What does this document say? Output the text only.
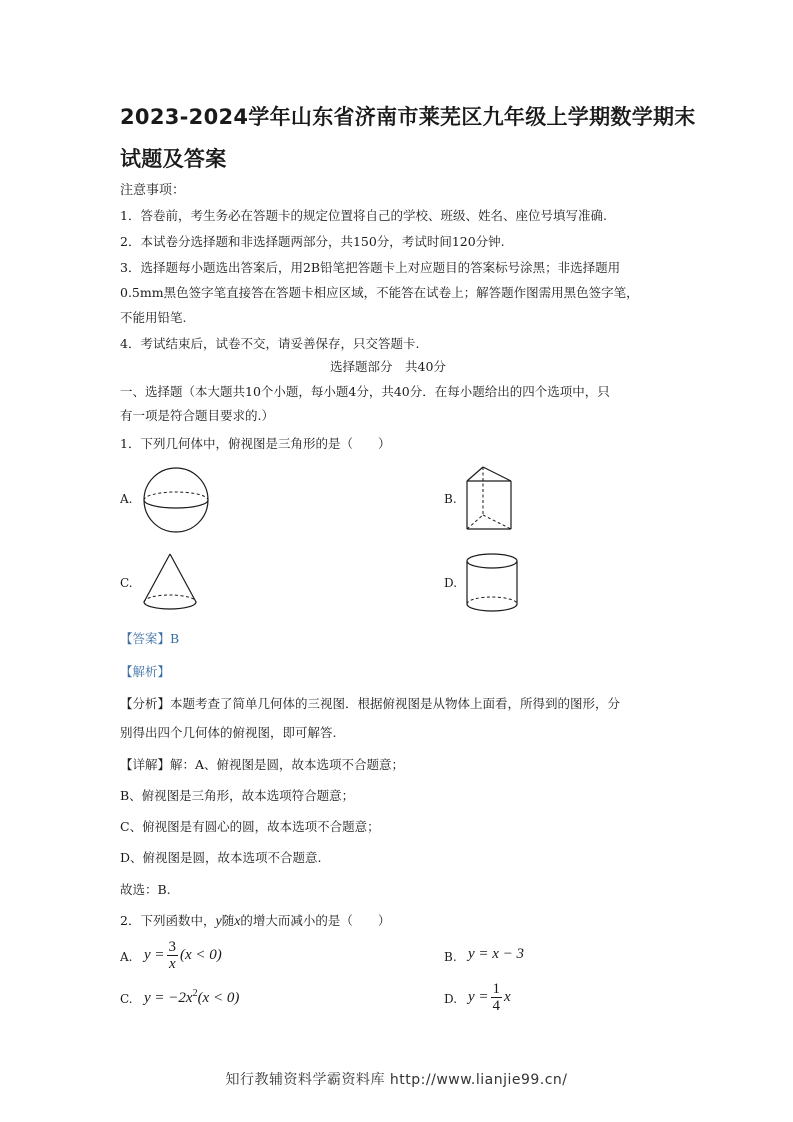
2023-2024学年山东省济南市莱芜区九年级上学期数学期末
试题及答案
注意事项：
1．答卷前，考生务必在答题卡的规定位置将自己的学校、班级、姓名、座位号填写准确.
2．本试卷分选择题和非选择题两部分，共150分，考试时间120分钟.
3．选择题每小题选出答案后，用2B铅笔把答题卡上对应题目的答案标号涂黑；非选择题用
0.5mm黑色签字笔直接答在答题卡相应区域，不能答在试卷上；解答题作图需用黑色签字笔，
不能用铅笔.
4．考试结束后，试卷不交，请妥善保存，只交答题卡.
选择题部分　共40分
一、选择题（本大题共10个小题，每小题4分，共40分．在每小题给出的四个选项中，只
有一项是符合题目要求的.）
1．下列几何体中，俯视图是三角形的是（　　）
A.	B.
C.	D.
【答案】B
【解析】
【分析】本题考查了简单几何体的三视图．根据俯视图是从物体上面看，所得到的图形，分
别得出四个几何体的俯视图，即可解答.
【详解】解：A、俯视图是圆，故本选项不合题意；
B、俯视图是三角形，故本选项符合题意；
C、俯视图是有圆心的圆，故本选项不合题意；
D、俯视图是圆，故本选项不合题意.
故选：B.
2．下列函数中，y随x的增大而减小的是（　　）
A. $y = \frac{3}{x} (x < 0)$	B. y = x − 3
C. $y = -2x^2(x < 0)$	D. $y = \frac{1}{4}$ x
知行教辅资料学霸资料库 http://www.lianjie99.cn/
